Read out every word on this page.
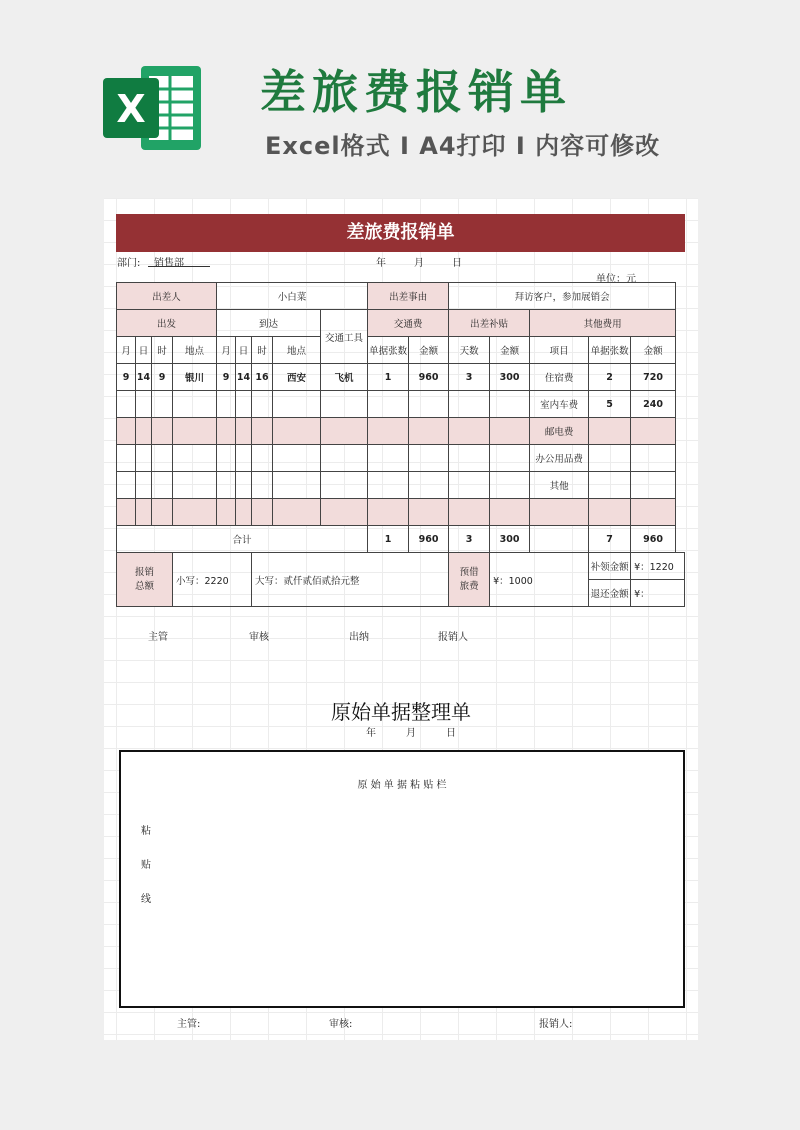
X 差旅费报销单
Excel格式 Ⅰ A4打印 Ⅰ 内容可修改
差旅费报销单
部门: 销售部	年	月	日
单位：元
出差人				小白菜					出差事由		拜访客户，参加展销会				
出发				到达				交通工具	交通费		出差补贴		其他费用		
月	日	时	地点	月	日	时	地点		单据张数	金额	天数	金额	项目	单据张数	金额
9	14	9	银川	9	14	16	西安	飞机	1	960	3	300	住宿费	2	720
													室内车费	5	240
													邮电费		
													办公用品费		
													其他		

合计									1	960	3	300		7	960
报销
总额			小写：2220			大写：贰仟贰佰贰拾元整					预借
旅费	¥：1000		补领金额	¥：1220
														退还金额	¥：
主管	审核	出纳	报销人
原始单据整理单
年	月	日
原 始 单 据 粘 贴 栏
粘
贴
线
主管:	审核:	报销人:
